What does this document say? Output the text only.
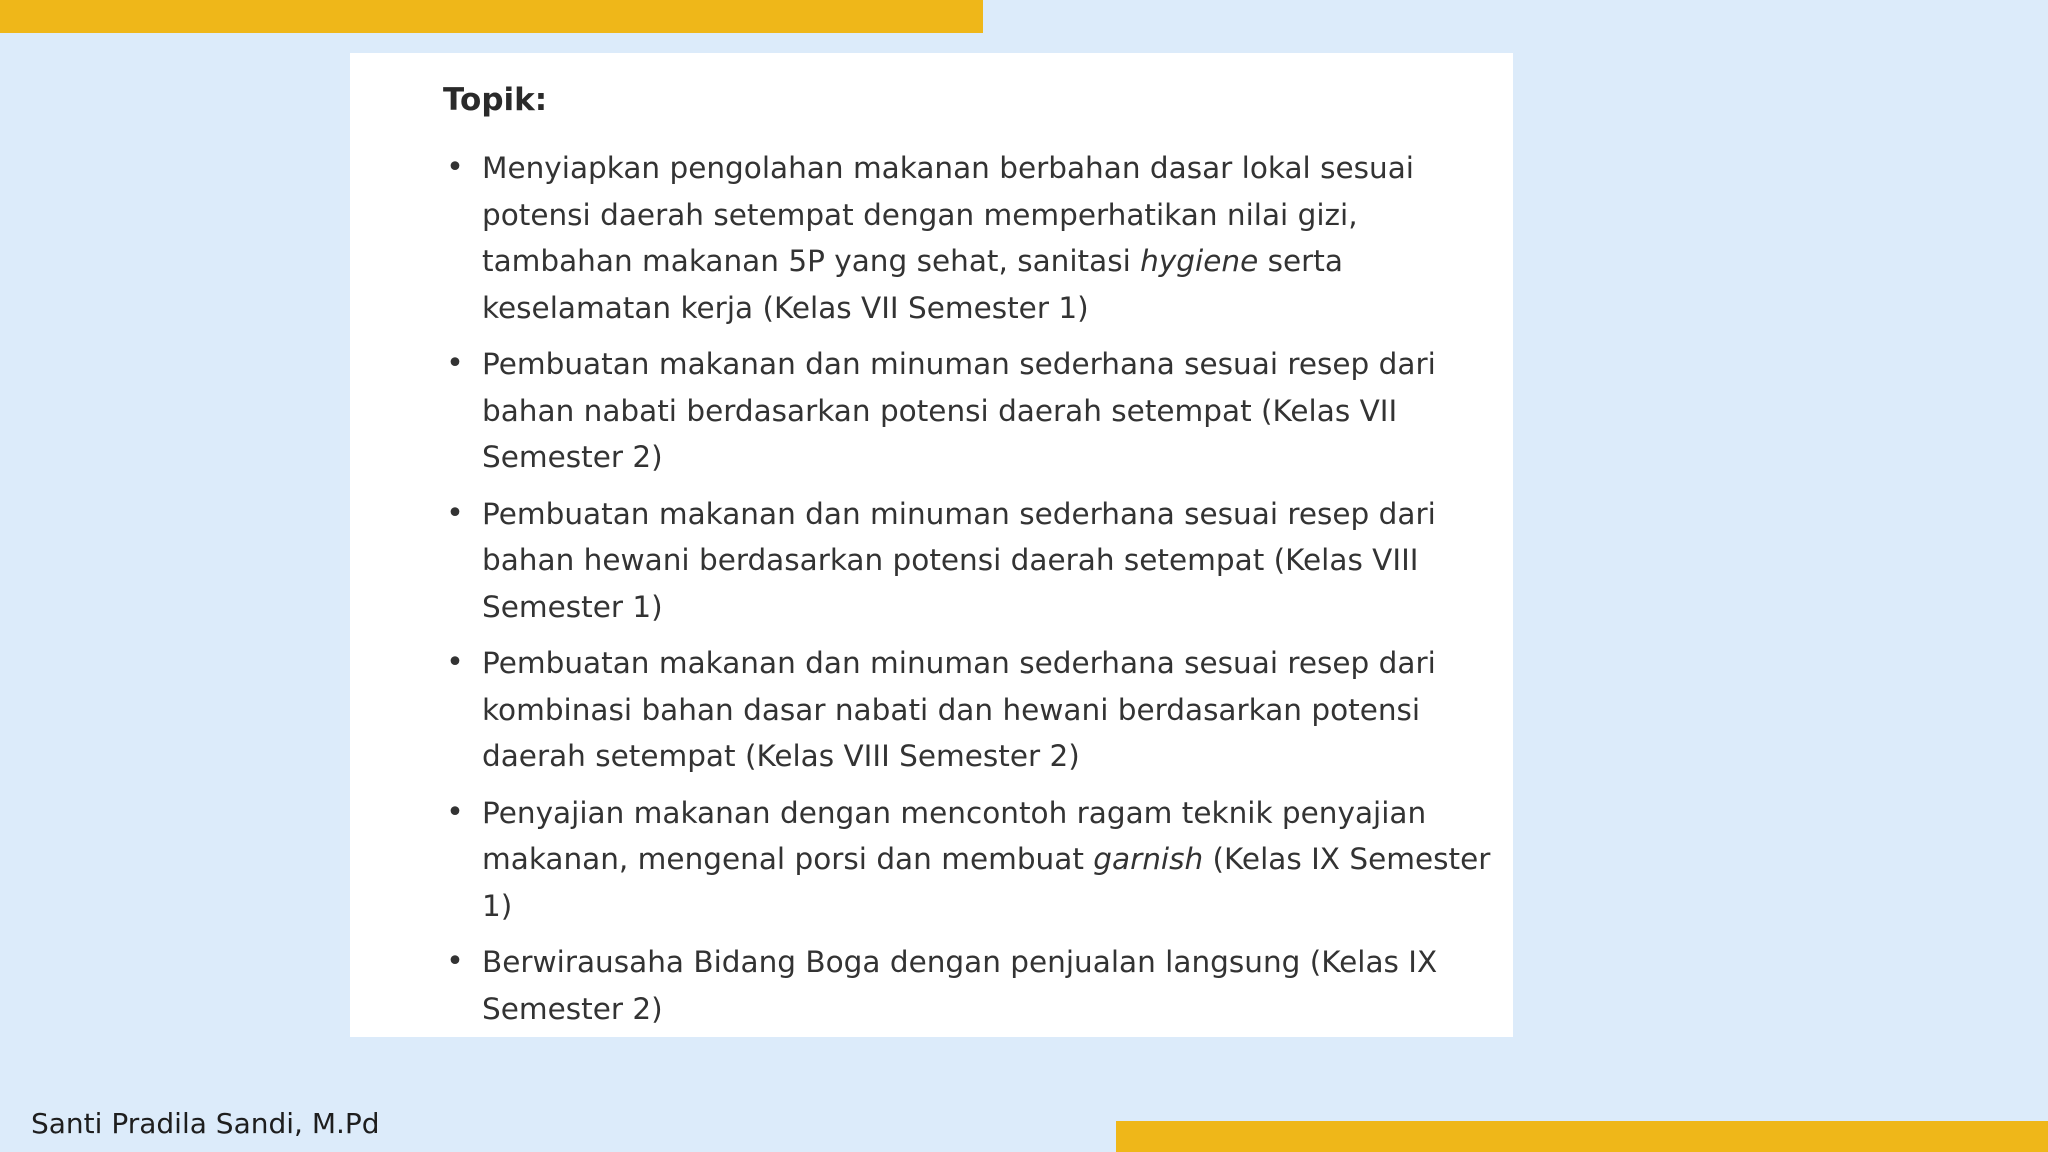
Topik:
• Menyiapkan pengolahan makanan berbahan dasar lokal sesuai potensi daerah setempat dengan memperhatikan nilai gizi, tambahan makanan 5P yang sehat, sanitasi hygiene serta keselamatan kerja (Kelas VII Semester 1)
• Pembuatan makanan dan minuman sederhana sesuai resep dari bahan nabati berdasarkan potensi daerah setempat (Kelas VII Semester 2)
• Pembuatan makanan dan minuman sederhana sesuai resep dari bahan hewani berdasarkan potensi daerah setempat (Kelas VIII Semester 1)
• Pembuatan makanan dan minuman sederhana sesuai resep dari kombinasi bahan dasar nabati dan hewani berdasarkan potensi daerah setempat (Kelas VIII Semester 2)
• Penyajian makanan dengan mencontoh ragam teknik penyajian makanan, mengenal porsi dan membuat garnish (Kelas IX Semester 1)
• Berwirausaha Bidang Boga dengan penjualan langsung (Kelas IX Semester 2)
Santi Pradila Sandi, M.Pd
